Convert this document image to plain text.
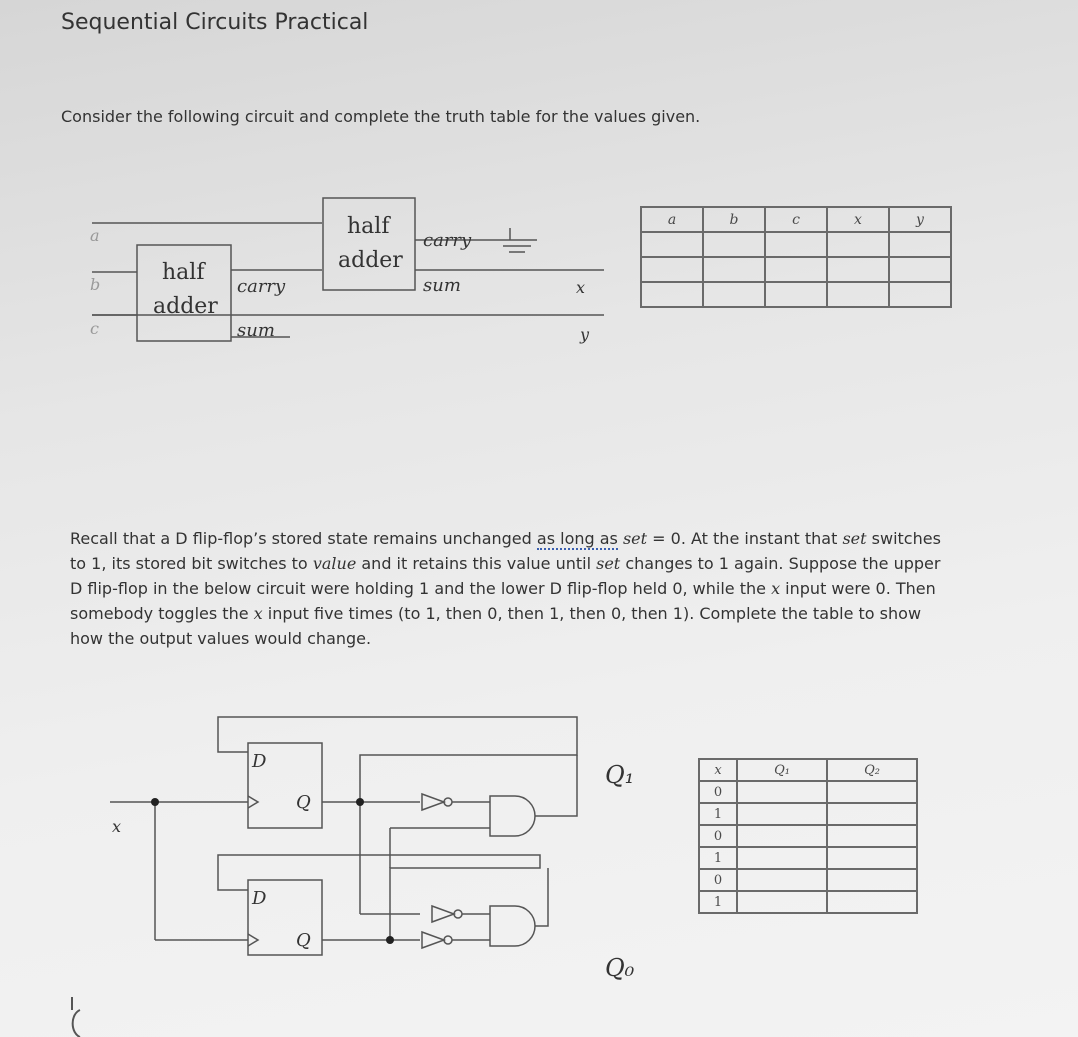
Sequential Circuits Practical
Consider the following circuit and complete the truth table for the values given.
a
b
c
half
adder
half
adder
carry
sum
carry
sum	x
y
a	b	c	x	y

Recall that a D flip-flop’s stored state remains unchanged as long as set = 0. At the instant that set switches to 1, its stored bit switches to value and it retains this value until set changes to 1 again. Suppose the upper D flip-flop in the below circuit were holding 1 and the lower D flip-flop held 0, while the x input were 0. Then somebody toggles the x input five times (to 1, then 0, then 1, then 0, then 1). Complete the table to show how the output values would change.
x
D
Q
D
Q
Q₁
Q₀
x	Q₁	Q₂
0		
1		
0		
1		
0		
1		
